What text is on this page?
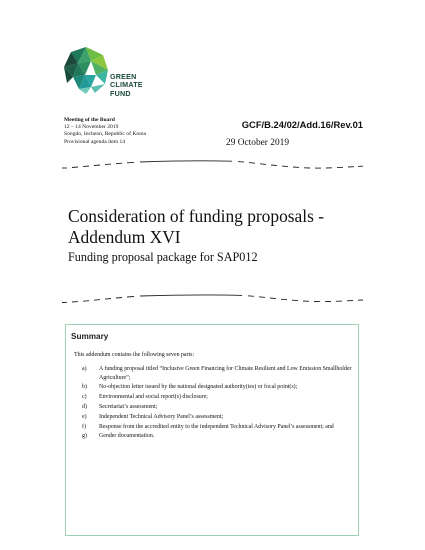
GREEN
CLIMATE
FUND
Meeting of the Board
12 – 14 November 2019
Songdo, Incheon, Republic of Korea
Provisional agenda item 14
GCF/B.24/02/Add.16/Rev.01
29 October 2019
Consideration of funding proposals - Addendum XVI
Funding proposal package for SAP012
Summary
This addendum contains the following seven parts:
a)	A funding proposal titled “Inclusive Green Financing for Climate Resilient and Low Emission Smallholder Agriculture”;
b)	No-objection letter issued by the national designated authority(ies) or focal point(s);
c)	Environmental and social report(s) disclosure;
d)	Secretariat’s assessment;
e)	Independent Technical Advisory Panel’s assessment;
f)	Response from the accredited entity to the independent Technical Advisory Panel’s assessment; and
g)	Gender documentation.
